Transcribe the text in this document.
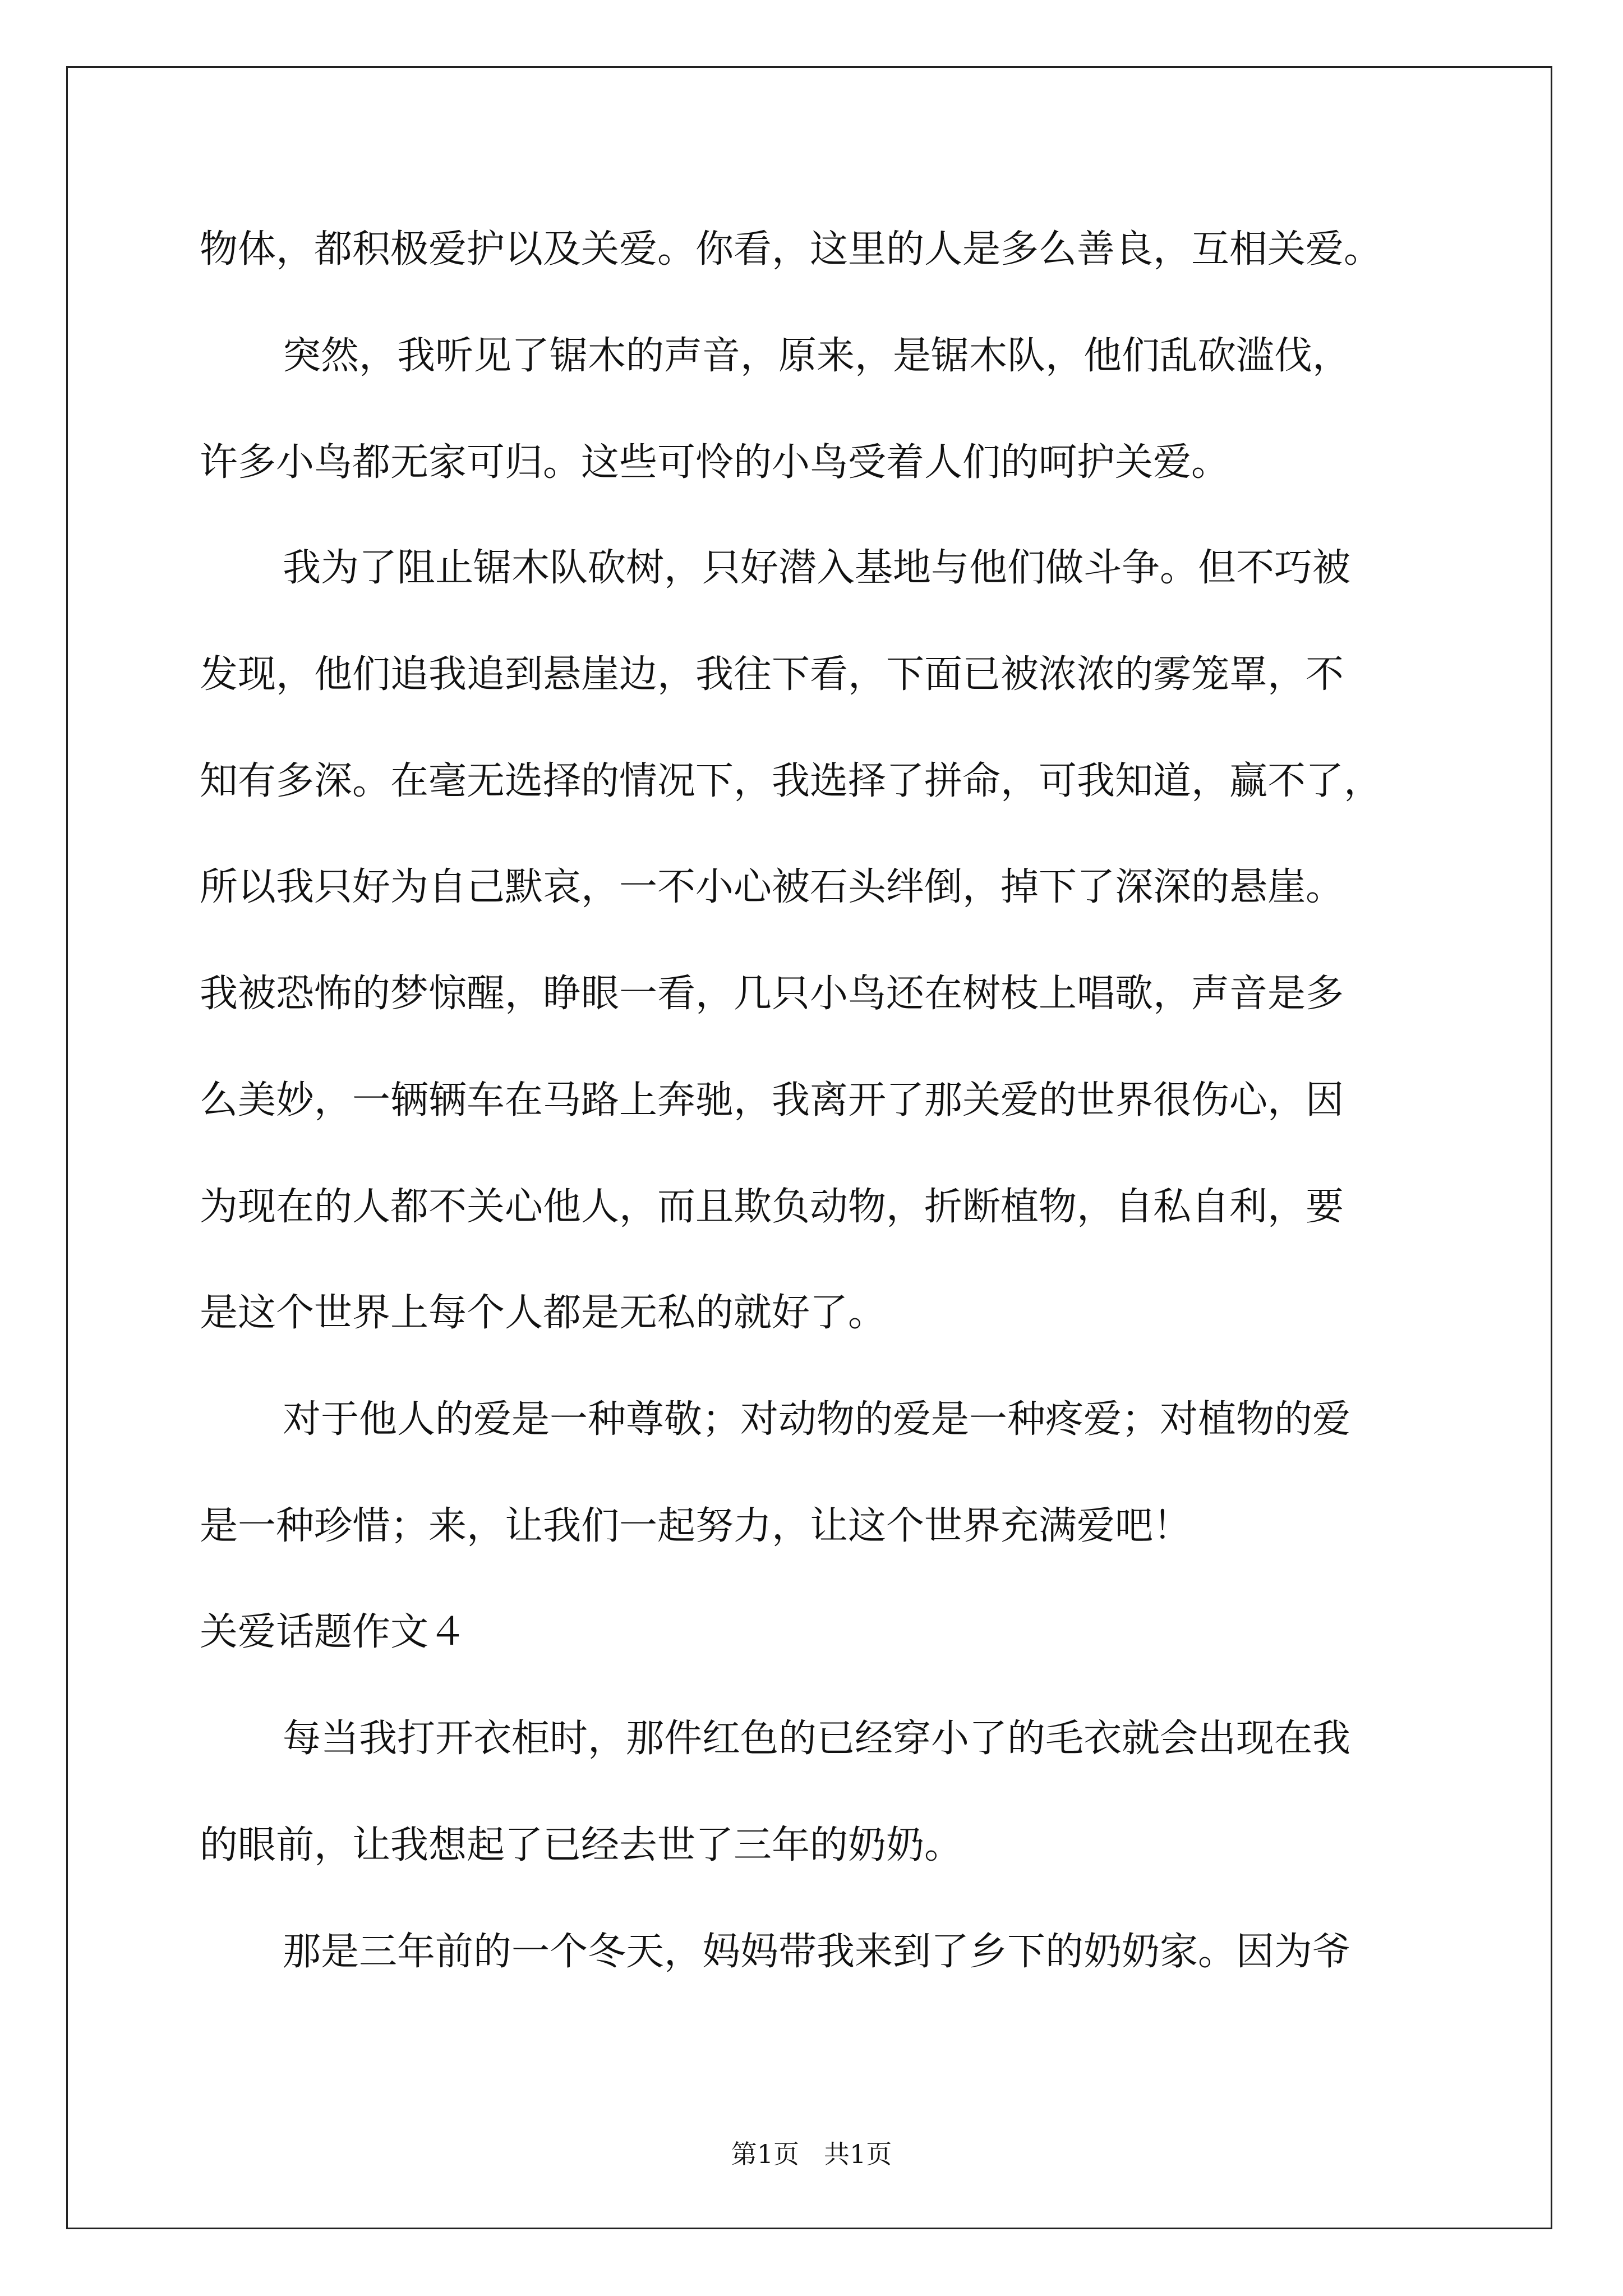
物体，都积极爱护以及关爱。你看，这里的人是多么善良，互相关爱。
突然，我听见了锯木的声音，原来，是锯木队，他们乱砍滥伐，
许多小鸟都无家可归。这些可怜的小鸟受着人们的呵护关爱。
我为了阻止锯木队砍树，只好潜入基地与他们做斗争。但不巧被
发现，他们追我追到悬崖边，我往下看，下面已被浓浓的雾笼罩，不
知有多深。在毫无选择的情况下，我选择了拼命，可我知道，赢不了，
所以我只好为自己默哀，一不小心被石头绊倒，掉下了深深的悬崖。
我被恐怖的梦惊醒，睁眼一看，几只小鸟还在树枝上唱歌，声音是多
么美妙，一辆辆车在马路上奔驰，我离开了那关爱的世界很伤心，因
为现在的人都不关心他人，而且欺负动物，折断植物，自私自利，要
是这个世界上每个人都是无私的就好了。
对于他人的爱是一种尊敬；对动物的爱是一种疼爱；对植物的爱
是一种珍惜；来，让我们一起努力，让这个世界充满爱吧！
关爱话题作文４
每当我打开衣柜时，那件红色的已经穿小了的毛衣就会出现在我
的眼前，让我想起了已经去世了三年的奶奶。
那是三年前的一个冬天，妈妈带我来到了乡下的奶奶家。因为爷
第1页 共1页
